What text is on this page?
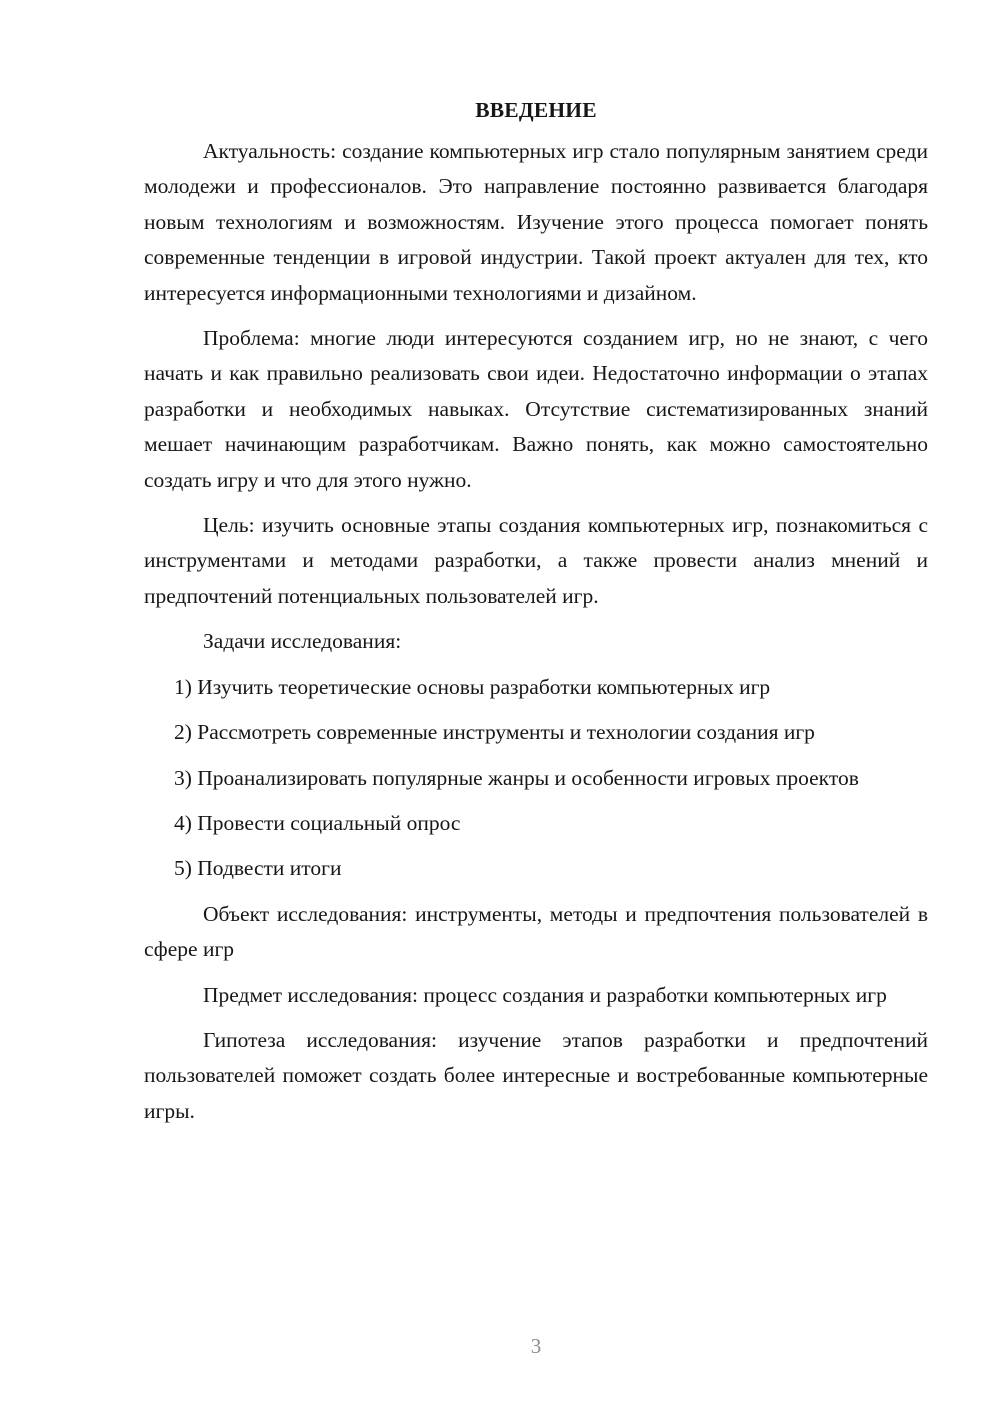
ВВЕДЕНИЕ

Актуальность: создание компьютерных игр стало популярным занятием среди молодежи и профессионалов. Это направление постоянно развивается благодаря новым технологиям и возможностям. Изучение этого процесса помогает понять современные тенденции в игровой индустрии. Такой проект актуален для тех, кто интересуется информационными технологиями и дизайном.

Проблема: многие люди интересуются созданием игр, но не знают, с чего начать и как правильно реализовать свои идеи. Недостаточно информации о этапах разработки и необходимых навыках. Отсутствие систематизированных знаний мешает начинающим разработчикам. Важно понять, как можно самостоятельно создать игру и что для этого нужно.

Цель: изучить основные этапы создания компьютерных игр, познакомиться с инструментами и методами разработки, а также провести анализ мнений и предпочтений потенциальных пользователей игр.

Задачи исследования:

1) Изучить теоретические основы разработки компьютерных игр

2) Рассмотреть современные инструменты и технологии создания игр

3) Проанализировать популярные жанры и особенности игровых проектов

4) Провести социальный опрос

5) Подвести итоги

Объект исследования: инструменты, методы и предпочтения пользователей в сфере игр

Предмет исследования: процесс создания и разработки компьютерных игр

Гипотеза исследования: изучение этапов разработки и предпочтений пользователей поможет создать более интересные и востребованные компьютерные игры.

3
